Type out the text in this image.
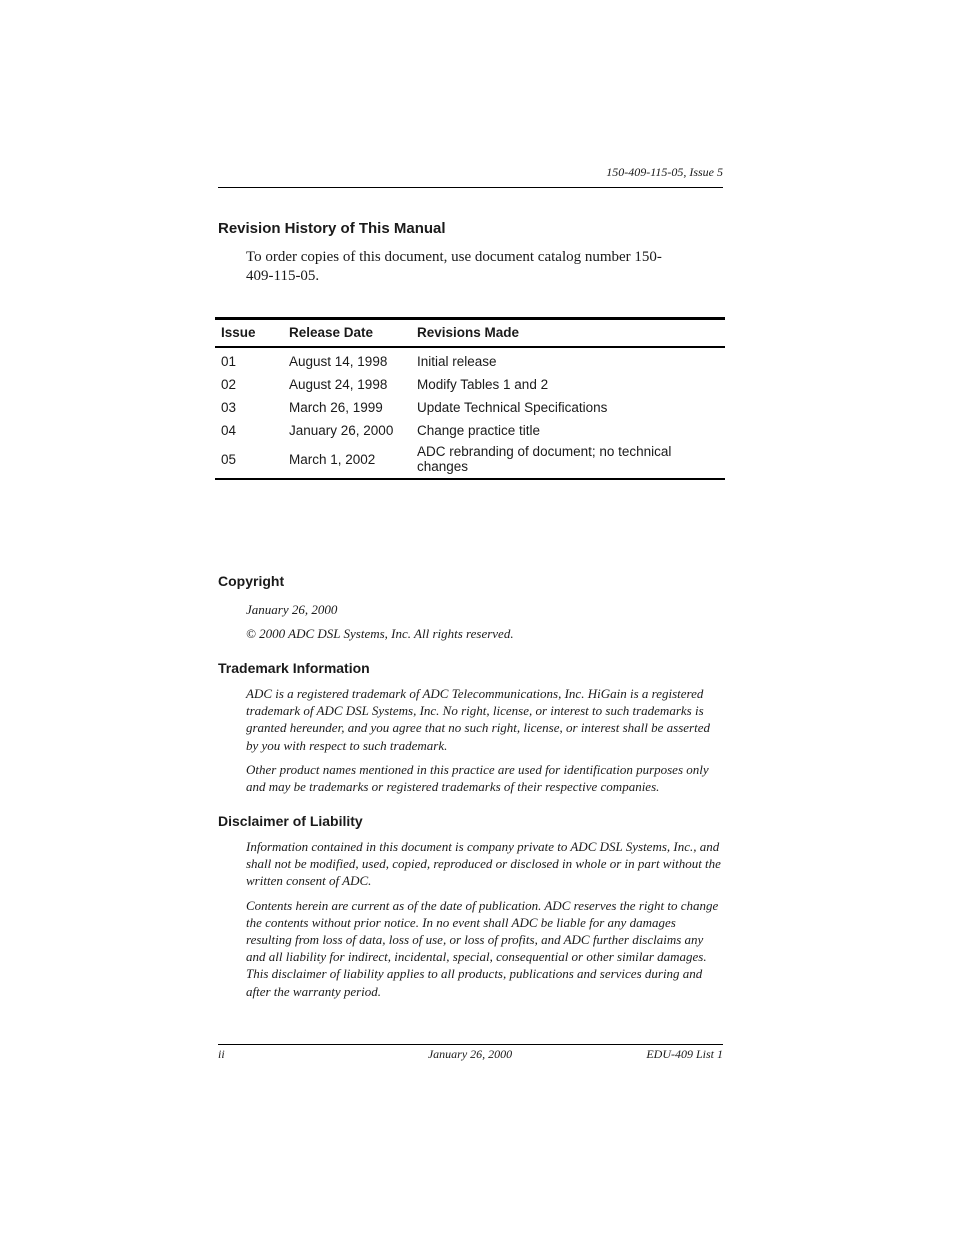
150-409-115-05, Issue 5
Revision History of This Manual
To order copies of this document, use document catalog number 150-409-115-05.
Issue	Release Date	Revisions Made
01	August 14, 1998	Initial release
02	August 24, 1998	Modify Tables 1 and 2
03	March 26, 1999	Update Technical Specifications
04	January 26, 2000	Change practice title
05	March 1, 2002	ADC rebranding of document; no technical changes
Copyright

January 26, 2000

© 2000 ADC DSL Systems, Inc. All rights reserved.

Trademark Information

ADC is a registered trademark of ADC Telecommunications, Inc. HiGain is a registered trademark of ADC DSL Systems, Inc. No right, license, or interest to such trademarks is granted hereunder, and you agree that no such right, license, or interest shall be asserted by you with respect to such trademark.

Other product names mentioned in this practice are used for identification purposes only and may be trademarks or registered trademarks of their respective companies.

Disclaimer of Liability

Information contained in this document is company private to ADC DSL Systems, Inc., and shall not be modified, used, copied, reproduced or disclosed in whole or in part without the written consent of ADC.

Contents herein are current as of the date of publication. ADC reserves the right to change the contents without prior notice. In no event shall ADC be liable for any damages resulting from loss of data, loss of use, or loss of profits, and ADC further disclaims any and all liability for indirect, incidental, special, consequential or other similar damages. This disclaimer of liability applies to all products, publications and services during and after the warranty period.

ii	January 26, 2000	EDU-409 List 1
